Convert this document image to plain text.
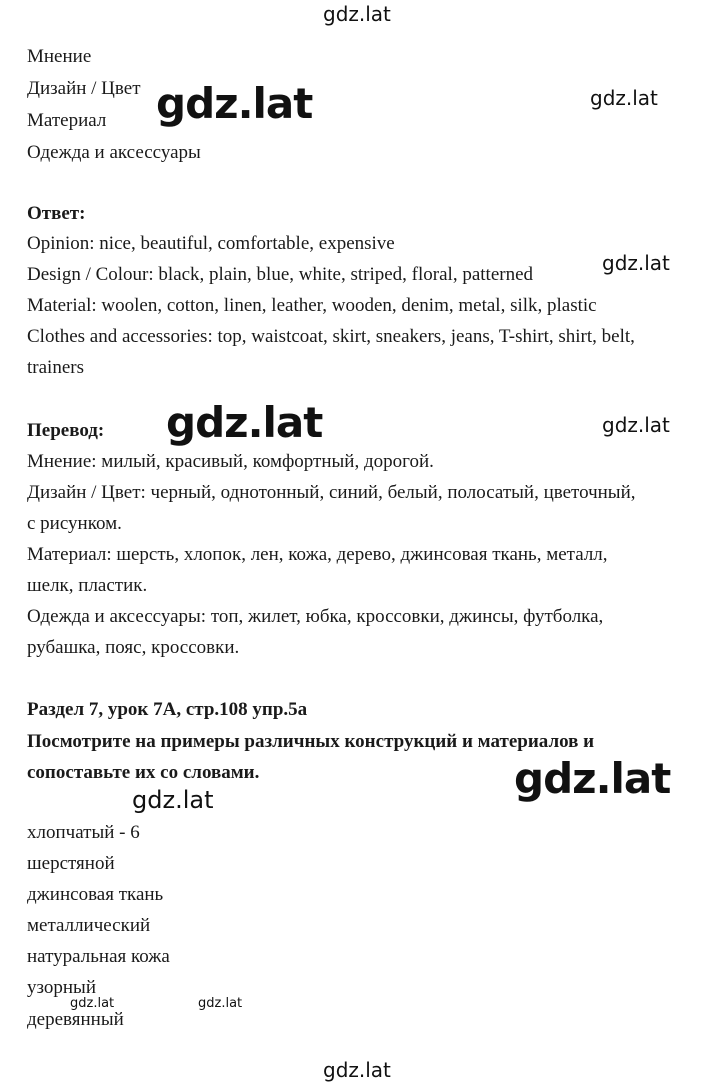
gdz.lat
gdz.lat	gdz.lat
gdz.lat
gdz.lat	gdz.lat
gdz.lat
gdz.lat
gdz.lat	gdz.lat
gdz.lat
Мнение
Дизайн / Цвет
Материал
Одежда и аксессуары
Ответ:
Opinion: nice, beautiful, comfortable, expensive
Design / Colour: black, plain, blue, white, striped, floral, patterned
Material: woolen, cotton, linen, leather, wooden, denim, metal, silk, plastic
Clothes and accessories: top, waistcoat, skirt, sneakers, jeans, T-shirt, shirt, belt,
trainers
Перевод:
Мнение: милый, красивый, комфортный, дорогой.
Дизайн / Цвет: черный, однотонный, синий, белый, полосатый, цветочный,
с рисунком.
Материал: шерсть, хлопок, лен, кожа, дерево, джинсовая ткань, металл,
шелк, пластик.
Одежда и аксессуары: топ, жилет, юбка, кроссовки, джинсы, футболка,
рубашка, пояс, кроссовки.
Раздел 7, урок 7А, стр.108 упр.5а
Посмотрите на примеры различных конструкций и материалов и
сопоставьте их со словами.
хлопчатый - 6
шерстяной
джинсовая ткань
металлический
натуральная кожа
узорный
деревянный
